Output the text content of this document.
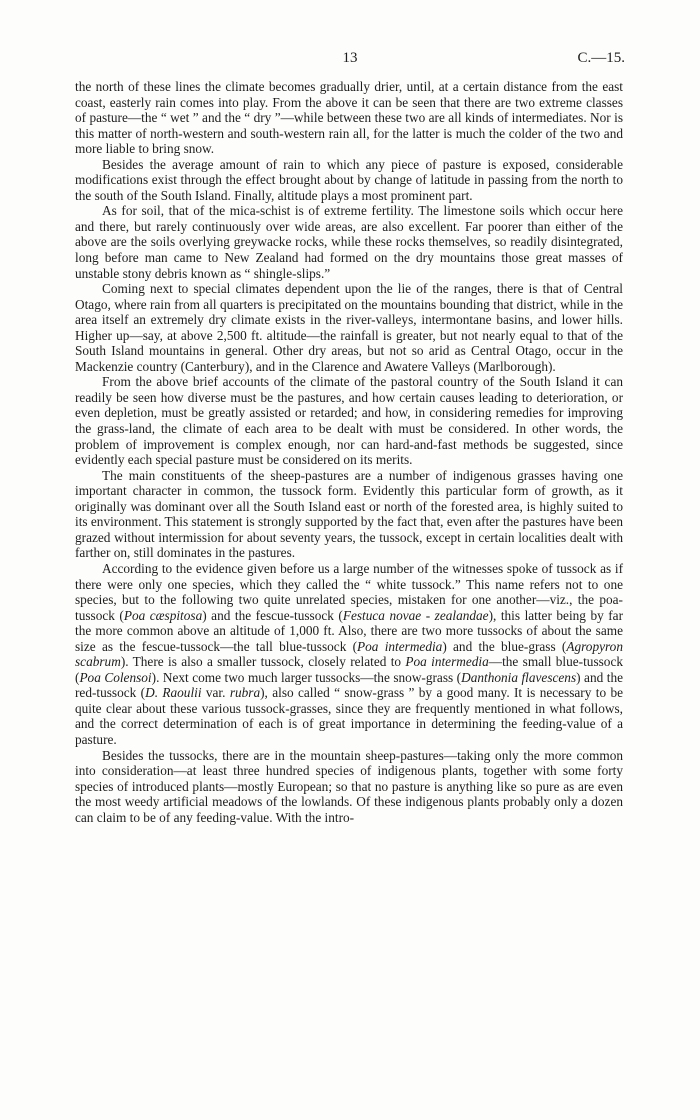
13	C.—15.

the north of these lines the climate becomes gradually drier, until, at a certain distance from the east coast, easterly rain comes into play. From the above it can be seen that there are two extreme classes of pasture—the “ wet ” and the “ dry ”—while between these two are all kinds of intermediates. Nor is this matter of north-western and south-western rain all, for the latter is much the colder of the two and more liable to bring snow.

Besides the average amount of rain to which any piece of pasture is exposed, considerable modifications exist through the effect brought about by change of latitude in passing from the north to the south of the South Island. Finally, altitude plays a most prominent part.

As for soil, that of the mica-schist is of extreme fertility. The limestone soils which occur here and there, but rarely continuously over wide areas, are also excellent. Far poorer than either of the above are the soils overlying greywacke rocks, while these rocks themselves, so readily disintegrated, long before man came to New Zealand had formed on the dry mountains those great masses of unstable stony debris known as “ shingle-slips.”

Coming next to special climates dependent upon the lie of the ranges, there is that of Central Otago, where rain from all quarters is precipitated on the mountains bounding that district, while in the area itself an extremely dry climate exists in the river-valleys, intermontane basins, and lower hills. Higher up—say, at above 2,500 ft. altitude—the rainfall is greater, but not nearly equal to that of the South Island mountains in general. Other dry areas, but not so arid as Central Otago, occur in the Mackenzie country (Canterbury), and in the Clarence and Awatere Valleys (Marlborough).

From the above brief accounts of the climate of the pastoral country of the South Island it can readily be seen how diverse must be the pastures, and how certain causes leading to deterioration, or even depletion, must be greatly assisted or retarded; and how, in considering remedies for improving the grass-land, the climate of each area to be dealt with must be considered. In other words, the problem of improvement is complex enough, nor can hard-and-fast methods be suggested, since evidently each special pasture must be considered on its merits.

The main constituents of the sheep-pastures are a number of indigenous grasses having one important character in common, the tussock form. Evidently this particular form of growth, as it originally was dominant over all the South Island east or north of the forested area, is highly suited to its environment. This statement is strongly supported by the fact that, even after the pastures have been grazed without intermission for about seventy years, the tussock, except in certain localities dealt with farther on, still dominates in the pastures.

According to the evidence given before us a large number of the witnesses spoke of tussock as if there were only one species, which they called the “ white tussock.” This name refers not to one species, but to the following two quite unrelated species, mistaken for one another—viz., the poa-tussock (Poa cæspitosa) and the fescue-tussock (Festuca novae - zealandae), this latter being by far the more common above an altitude of 1,000 ft. Also, there are two more tussocks of about the same size as the fescue-tussock—the tall blue-tussock (Poa intermedia) and the blue-grass (Agropyron scabrum). There is also a smaller tussock, closely related to Poa intermedia—the small blue-tussock (Poa Colensoi). Next come two much larger tussocks—the snow-grass (Danthonia flavescens) and the red-tussock (D. Raoulii var. rubra), also called “ snow-grass ” by a good many. It is necessary to be quite clear about these various tussock-grasses, since they are frequently mentioned in what follows, and the correct determination of each is of great importance in determining the feeding-value of a pasture.

Besides the tussocks, there are in the mountain sheep-pastures—taking only the more common into consideration—at least three hundred species of indigenous plants, together with some forty species of introduced plants—mostly European; so that no pasture is anything like so pure as are even the most weedy artificial meadows of the lowlands. Of these indigenous plants probably only a dozen can claim to be of any feeding-value. With the intro-
